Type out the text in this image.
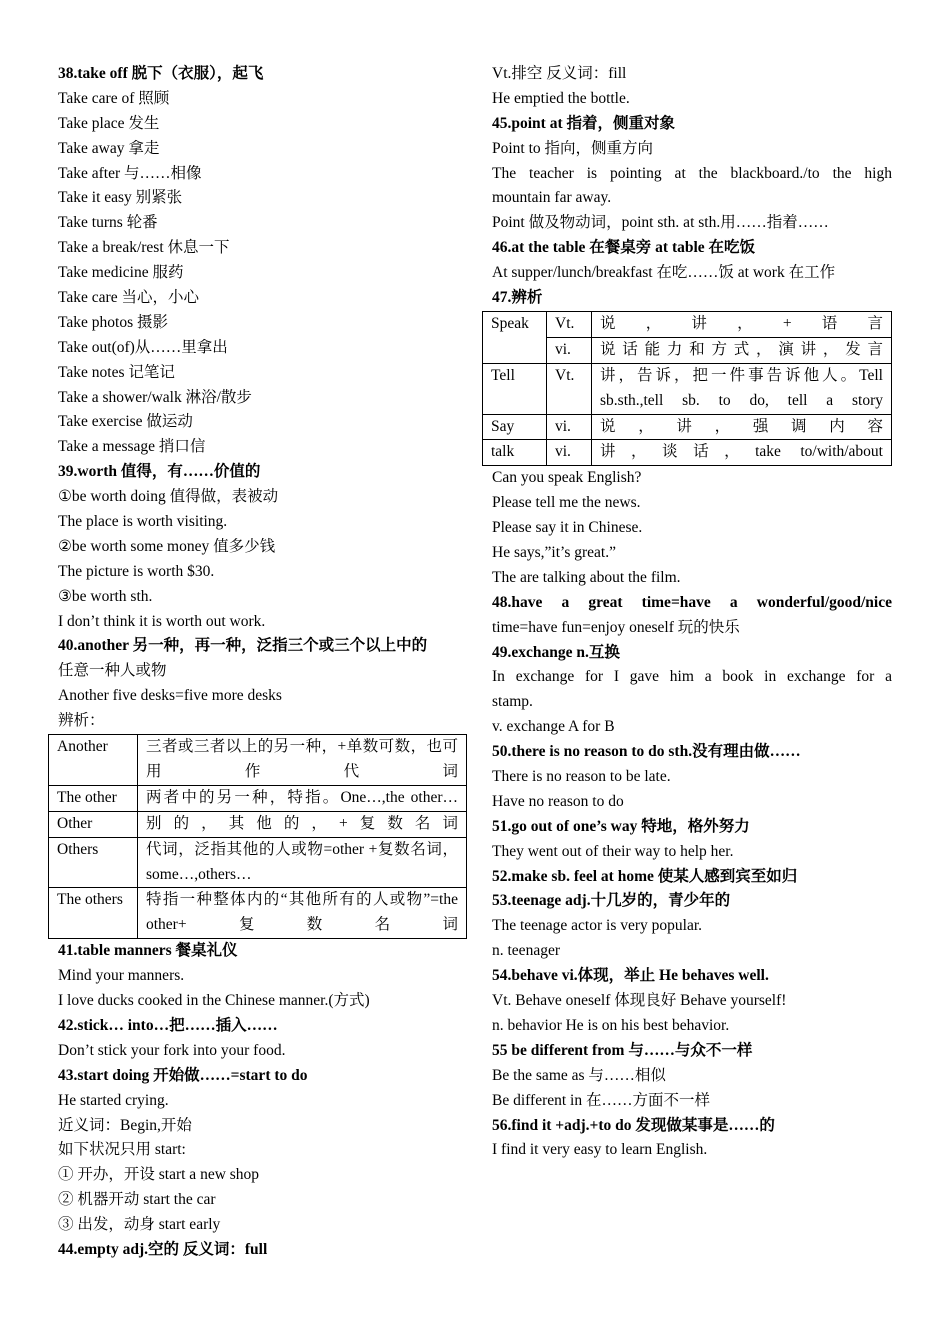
38.take off 脱下（衣服），起飞
Take care of 照顾
Take place 发生
Take away 拿走
Take after 与……相像
Take it easy 别紧张
Take turns 轮番
Take a break/rest 休息一下
Take medicine 服药
Take care 当心，小心
Take photos 摄影
Take out(of)从……里拿出
Take notes 记笔记
Take a shower/walk 淋浴/散步
Take exercise 做运动
Take a message 捎口信
39.worth 值得，有……价值的
①be worth doing 值得做，表被动
The place is worth visiting.
②be worth some money 值多少钱
The picture is worth $30.
③be worth sth.
I don’t think it is worth out work.
40.another 另一种，再一种，泛指三个或三个以上中的
任意一种人或物
Another five desks=five more desks
辨析：
Another	三者或三者以上的另一种，+单数可数，也可用作代词
The other	两者中的另一种，特指。One…,the other…
Other	别的，其他的，+复数名词
Others	代词，泛指其他的人或物=other +复数名词，some…,others…
The others	特指一种整体内的“其他所有的人或物”=the other+复数名词
41.table manners 餐桌礼仪
Mind your manners.
I love ducks cooked in the Chinese manner.(方式)
42.stick… into…把……插入……
Don’t stick your fork into your food.
43.start doing 开始做……=start to do
He started crying.
近义词：Begin,开始
如下状况只用 start:
① 开办，开设 start a new shop
② 机器开动 start the car
③ 出发，动身 start early
44.empty adj.空的 反义词：full
Vt.排空 反义词：fill
He emptied the bottle.
45.point at 指着，侧重对象
Point to 指向，侧重方向
The teacher is pointing at the blackboard./to the high
mountain far away.
Point 做及物动词，point sth. at sth.用……指着……
46.at the table 在餐桌旁 at table 在吃饭
At supper/lunch/breakfast 在吃……饭 at work 在工作
47.辨析
Speak	Vt.	说，讲，+语言
	vi.	说话能力和方式，演讲，发言
Tell	Vt.	讲，告诉，把一件事告诉他人。Tell sb.sth.,tell sb. to do, tell a story
Say	vi.	说，讲，强调内容
talk	vi.	讲，谈话，take to/with/about
Can you speak English?
Please tell me the news.
Please say it in Chinese.
He says,”it’s great.”
The are talking about the film.
48.have a great time=have a wonderful/good/nice
time=have fun=enjoy oneself 玩的快乐
49.exchange n.互换
In exchange for I gave him a book in exchange for a
stamp.
v. exchange A for B
50.there is no reason to do sth.没有理由做……
There is no reason to be late.
Have no reason to do
51.go out of one’s way 特地，格外努力
They went out of their way to help her.
52.make sb. feel at home 使某人感到宾至如归
53.teenage adj.十几岁的，青少年的
The teenage actor is very popular.
n. teenager
54.behave vi.体现，举止 He behaves well.
Vt. Behave oneself 体现良好 Behave yourself!
n. behavior He is on his best behavior.
55 be different from 与……与众不一样
Be the same as 与……相似
Be different in 在……方面不一样
56.find it +adj.+to do 发现做某事是……的
I find it very easy to learn English.
